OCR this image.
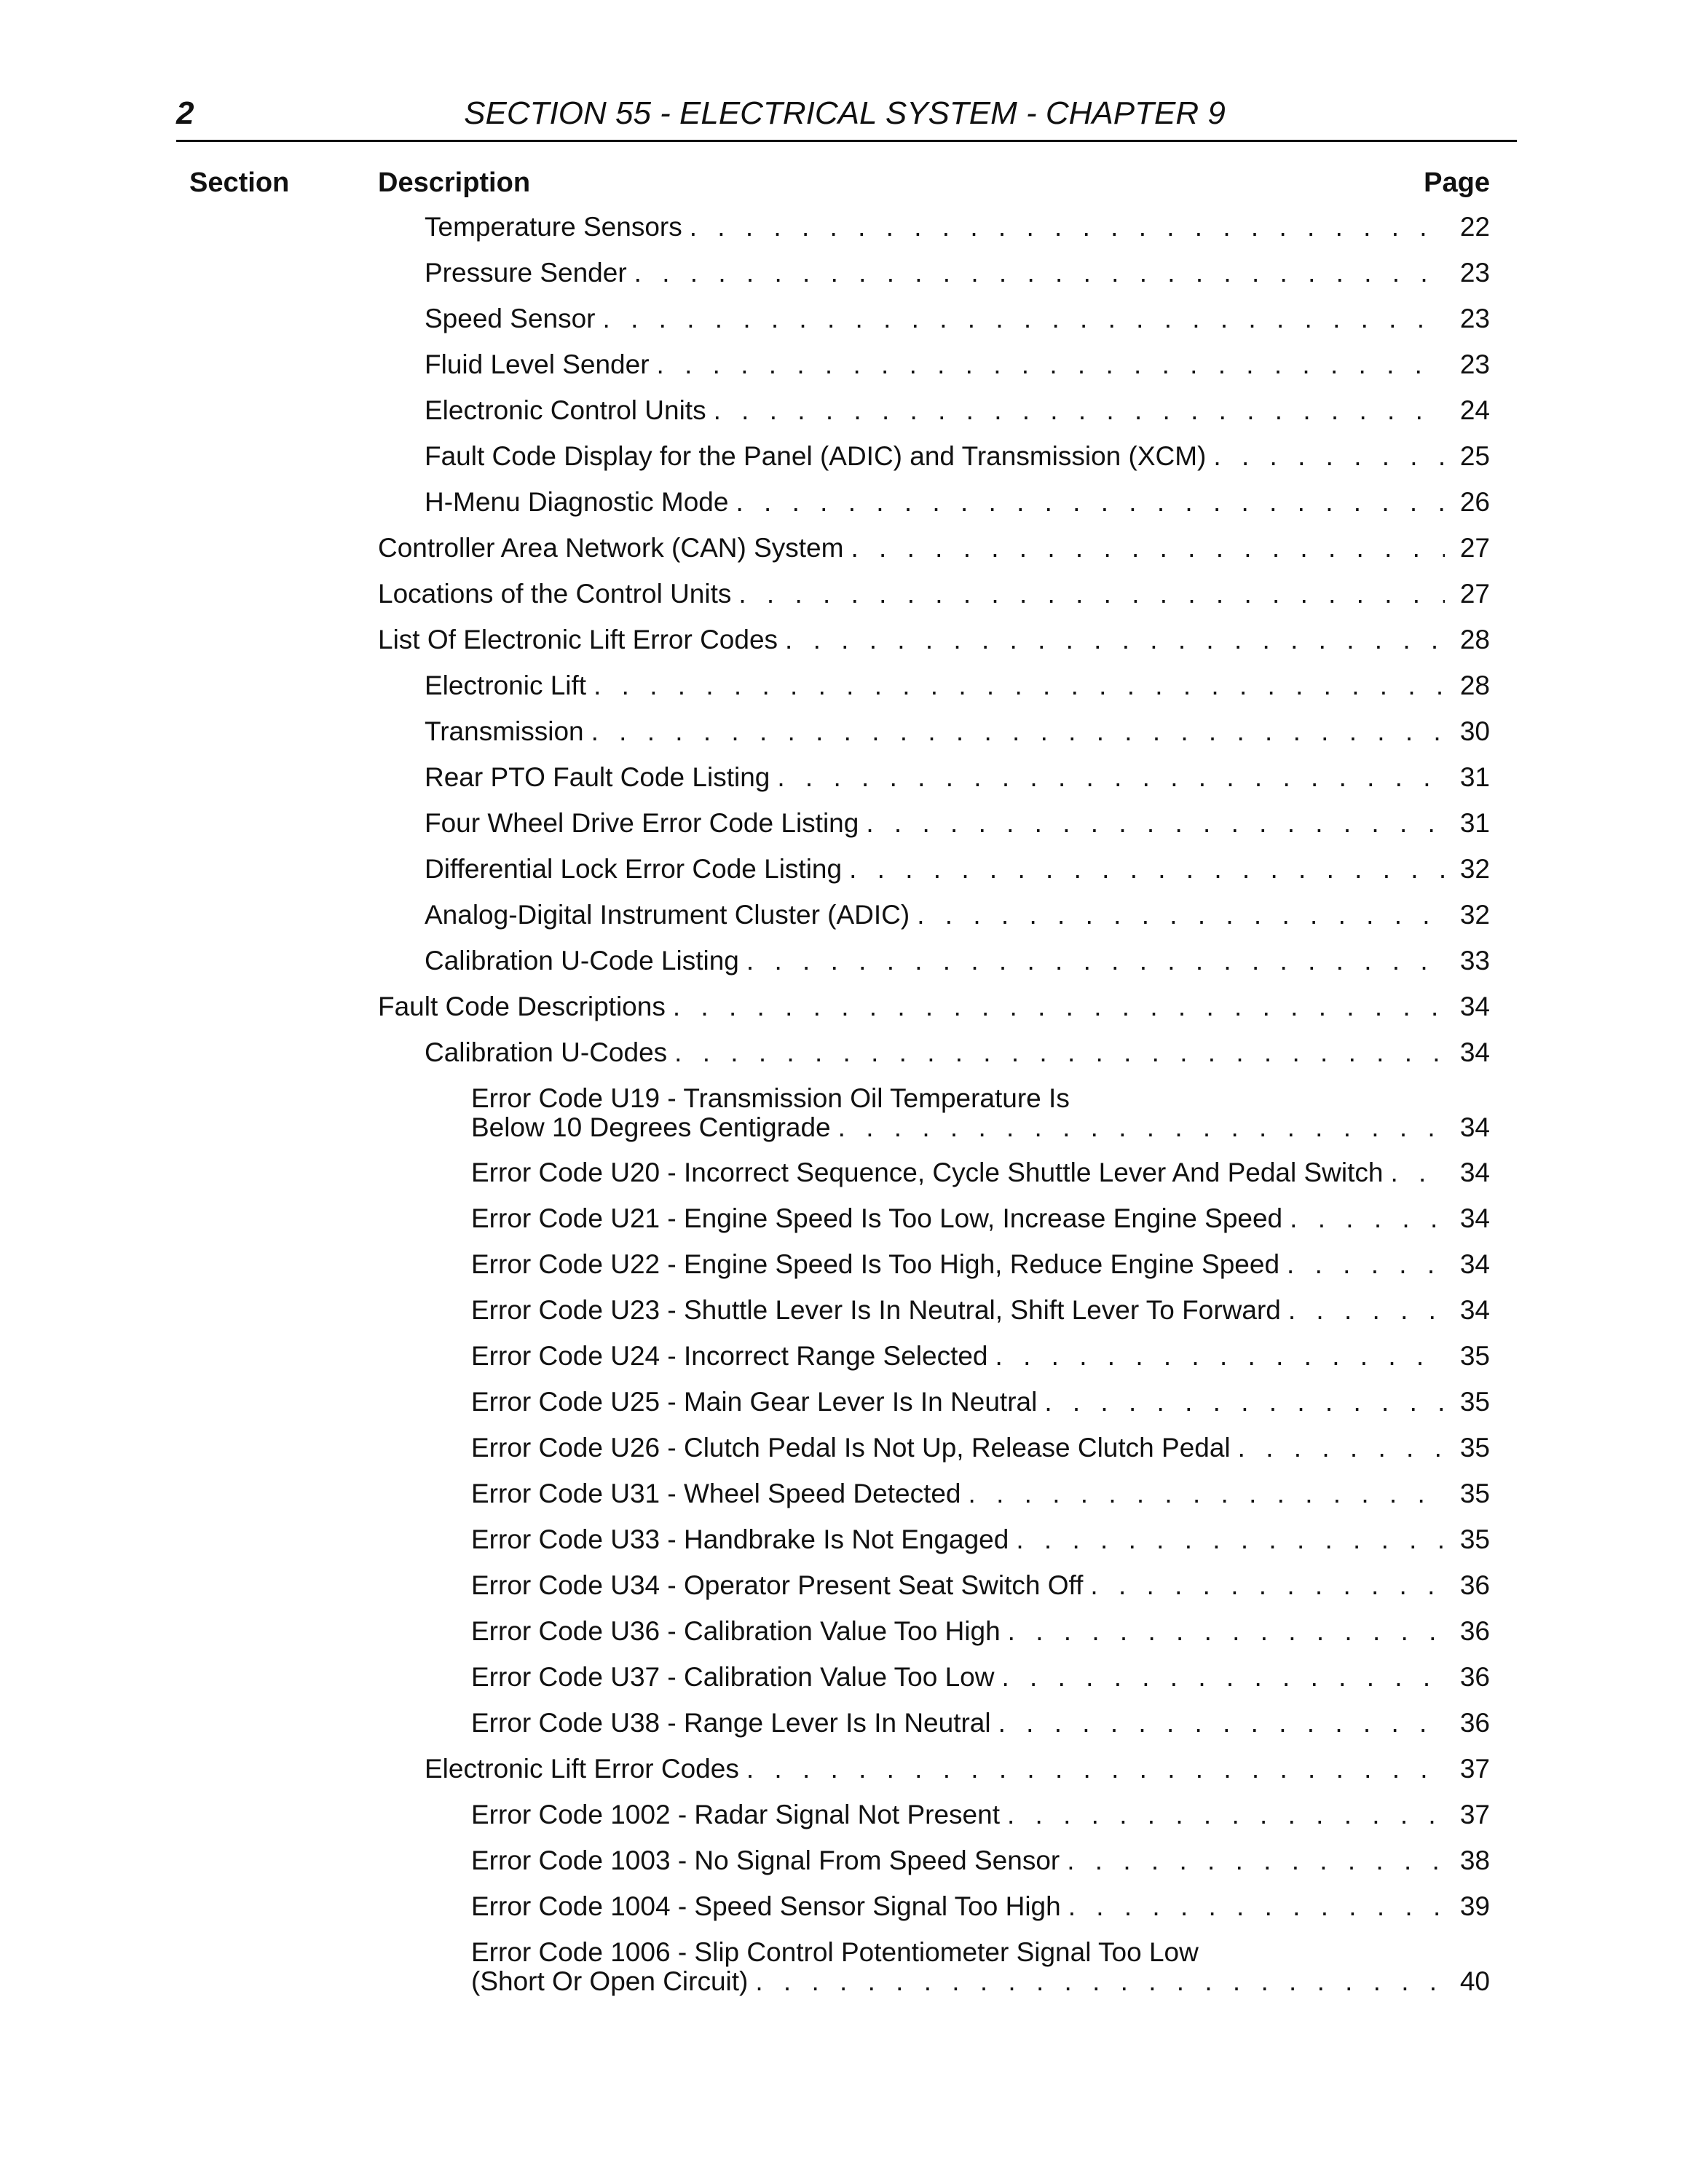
2	SECTION 55 - ELECTRICAL SYSTEM - CHAPTER 9
Section	Description	Page
Temperature Sensors . . .	22
Pressure Sender . . .	23
Speed Sensor . . .	23
Fluid Level Sender . . .	23
Electronic Control Units . . .	24
Fault Code Display for the Panel (ADIC) and Transmission (XCM) . . .	25
H-Menu Diagnostic Mode . . .	26
Controller Area Network (CAN) System . . .	27
Locations of the Control Units . . .	27
List Of Electronic Lift Error Codes . . .	28
Electronic Lift . . .	28
Transmission . . .	30
Rear PTO Fault Code Listing . . .	31
Four Wheel Drive Error Code Listing . . .	31
Differential Lock Error Code Listing . . .	32
Analog-Digital Instrument Cluster (ADIC) . . .	32
Calibration U-Code Listing . . .	33
Fault Code Descriptions . . .	34
Calibration U-Codes . . .	34
Error Code U19 - Transmission Oil Temperature Is
Below 10 Degrees Centigrade . . .	34
Error Code U20 - Incorrect Sequence, Cycle Shuttle Lever And Pedal Switch . . .	34
Error Code U21 - Engine Speed Is Too Low, Increase Engine Speed . . .	34
Error Code U22 - Engine Speed Is Too High, Reduce Engine Speed . . .	34
Error Code U23 - Shuttle Lever Is In Neutral, Shift Lever To Forward . . .	34
Error Code U24 - Incorrect Range Selected . . .	35
Error Code U25 - Main Gear Lever Is In Neutral . . .	35
Error Code U26 - Clutch Pedal Is Not Up, Release Clutch Pedal . . .	35
Error Code U31 - Wheel Speed Detected . . .	35
Error Code U33 - Handbrake Is Not Engaged . . .	35
Error Code U34 - Operator Present Seat Switch Off . . .	36
Error Code U36 - Calibration Value Too High . . .	36
Error Code U37 - Calibration Value Too Low . . .	36
Error Code U38 - Range Lever Is In Neutral . . .	36
Electronic Lift Error Codes . . .	37
Error Code 1002 - Radar Signal Not Present . . .	37
Error Code 1003 - No Signal From Speed Sensor . . .	38
Error Code 1004 - Speed Sensor Signal Too High . . .	39
Error Code 1006 - Slip Control Potentiometer Signal Too Low
(Short Or Open Circuit) . . .	40
